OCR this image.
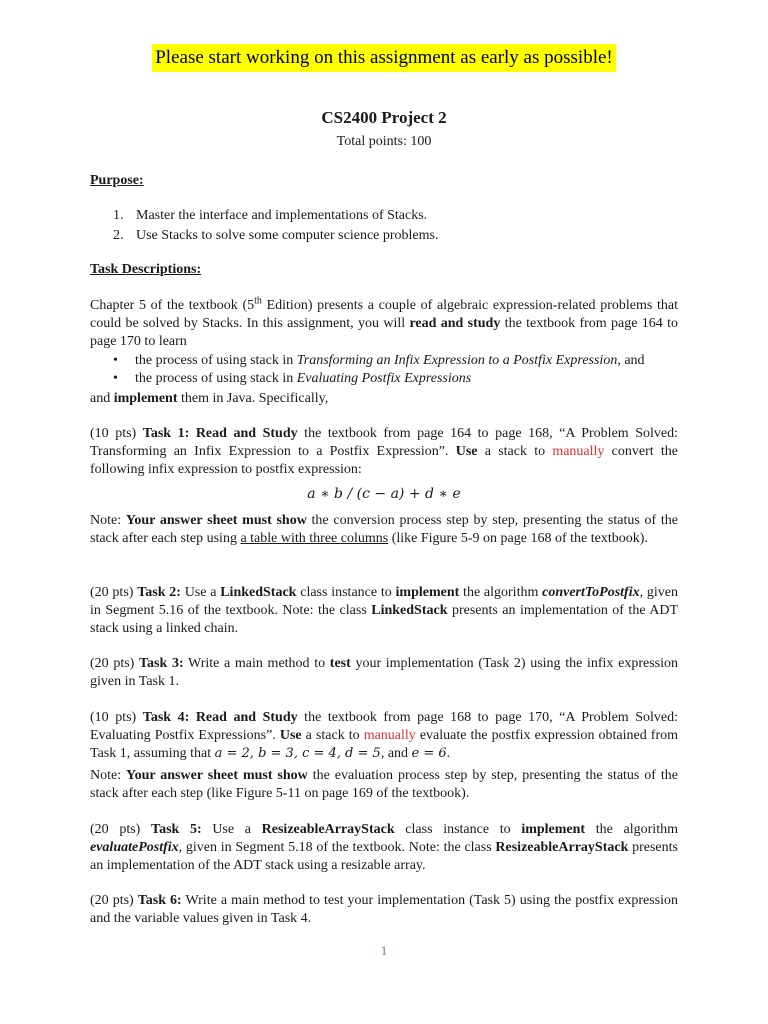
Please start working on this assignment as early as possible!
CS2400 Project 2
Total points: 100
Purpose:
1. Master the interface and implementations of Stacks.
2. Use Stacks to solve some computer science problems.
Task Descriptions:
Chapter 5 of the textbook (5th Edition) presents a couple of algebraic expression-related problems that could be solved by Stacks. In this assignment, you will read and study the textbook from page 164 to page 170 to learn
• the process of using stack in Transforming an Infix Expression to a Postfix Expression, and
• the process of using stack in Evaluating Postfix Expressions
and implement them in Java. Specifically,
(10 pts) Task 1: Read and Study the textbook from page 164 to page 168, “A Problem Solved: Transforming an Infix Expression to a Postfix Expression”. Use a stack to manually convert the following infix expression to postfix expression:
a ∗ b / (c − a) + d ∗ e
Note: Your answer sheet must show the conversion process step by step, presenting the status of the stack after each step using a table with three columns (like Figure 5-9 on page 168 of the textbook).
(20 pts) Task 2: Use a LinkedStack class instance to implement the algorithm convertToPostfix, given in Segment 5.16 of the textbook. Note: the class LinkedStack presents an implementation of the ADT stack using a linked chain.
(20 pts) Task 3: Write a main method to test your implementation (Task 2) using the infix expression given in Task 1.
(10 pts) Task 4: Read and Study the textbook from page 168 to page 170, “A Problem Solved: Evaluating Postfix Expressions”. Use a stack to manually evaluate the postfix expression obtained from Task 1, assuming that a = 2, b = 3, c = 4, d = 5, and e = 6.
Note: Your answer sheet must show the evaluation process step by step, presenting the status of the stack after each step (like Figure 5-11 on page 169 of the textbook).
(20 pts) Task 5: Use a ResizeableArrayStack class instance to implement the algorithm evaluatePostfix, given in Segment 5.18 of the textbook. Note: the class ResizeableArrayStack presents an implementation of the ADT stack using a resizable array.
(20 pts) Task 6: Write a main method to test your implementation (Task 5) using the postfix expression and the variable values given in Task 4.
1
